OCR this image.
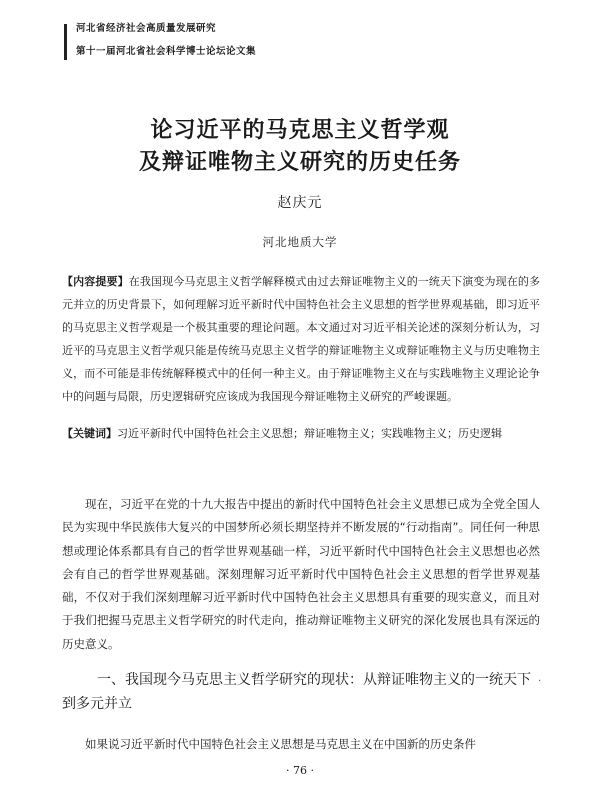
河北省经济社会高质量发展研究
第十一届河北省社会科学博士论坛论文集
论习近平的马克思主义哲学观
及辩证唯物主义研究的历史任务
赵庆元
河北地质大学
【内容提要】在我国现今马克思主义哲学解释模式由过去辩证唯物主义的一统天下演变为现在的多元并立的历史背景下，如何理解习近平新时代中国特色社会主义思想的哲学世界观基础，即习近平的马克思主义哲学观是一个极其重要的理论问题。本文通过对习近平相关论述的深刻分析认为，习近平的马克思主义哲学观只能是传统马克思主义哲学的辩证唯物主义或辩证唯物主义与历史唯物主义，而不可能是非传统解释模式中的任何一种主义。由于辩证唯物主义在与实践唯物主义理论论争中的问题与局限，历史逻辑研究应该成为我国现今辩证唯物主义研究的严峻课题。
【关键词】习近平新时代中国特色社会主义思想；辩证唯物主义；实践唯物主义；历史逻辑
现在，习近平在党的十九大报告中提出的新时代中国特色社会主义思想已成为全党全国人民为实现中华民族伟大复兴的中国梦所必须长期坚持并不断发展的“行动指南”。同任何一种思想或理论体系都具有自己的哲学世界观基础一样，习近平新时代中国特色社会主义思想也必然会有自己的哲学世界观基础。深刻理解习近平新时代中国特色社会主义思想的哲学世界观基础，不仅对于我们深刻理解习近平新时代中国特色社会主义思想具有重要的现实意义，而且对于我们把握马克思主义哲学研究的时代走向，推动辩证唯物主义研究的深化发展也具有深远的历史意义。
一、我国现今马克思主义哲学研究的现状：从辩证唯物主义的一统天下到多元并立
·
如果说习近平新时代中国特色社会主义思想是马克思主义在中国新的历史条件
· 76 ·
